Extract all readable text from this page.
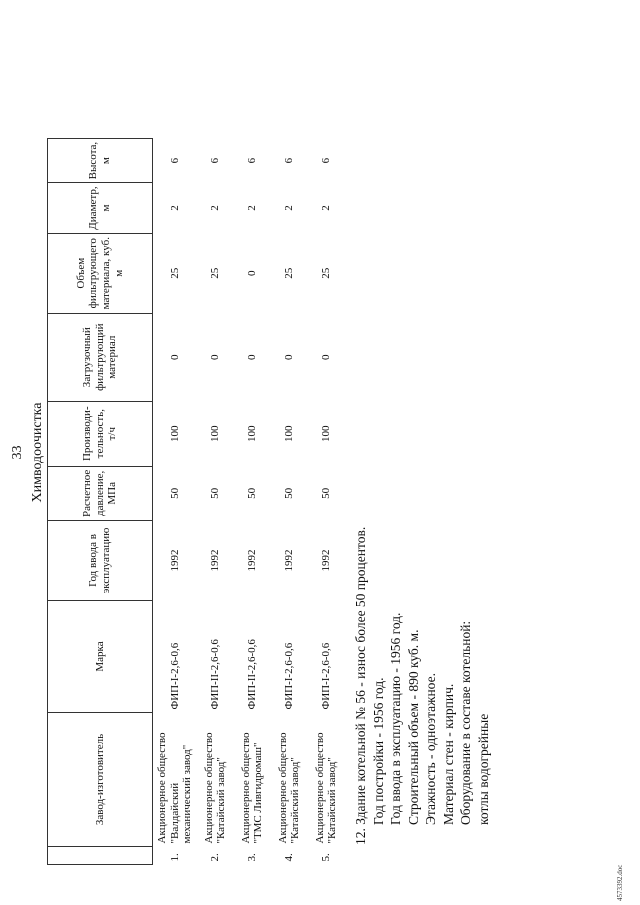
33 Химводоочистка
	Завод-изготовитель	Марка	Год ввода в эксплуатацию	Расчетное давление, МПа	Производи-тельность, т/ч	Загрузочный фильтрующий материал	Объем фильтрующего материала, куб. м	Диаметр, м	Высота, м
1.	Акционерное общество "Валдайский механический завод"	ФИП-I-2,6-0,6	1992	50	100	0	25	2	6
2.	Акционерное общество "Катайский завод"	ФИП-II-2,6-0,6	1992	50	100	0	25	2	6
3.	Акционерное общество "ТМС Ливгидромаш"	ФИП-II-2,6-0,6	1992	50	100	0	0	2	6
4.	Акционерное общество "Катайский завод"	ФИП-I-2,6-0,6	1992	50	100	0	25	2	6
5.	Акционерное общество "Катайский завод"	ФИП-I-2,6-0,6	1992	50	100	0	25	2	6
12. Здание котельной № 56 - износ более 50 процентов. Год постройки - 1956 год. Год ввода в эксплуатацию - 1956 год. Строительный объем - 890 куб. м. Этажность - одноэтажное. Материал стен - кирпич. Оборудование в составе котельной: котлы водогрейные
4573392.doc
